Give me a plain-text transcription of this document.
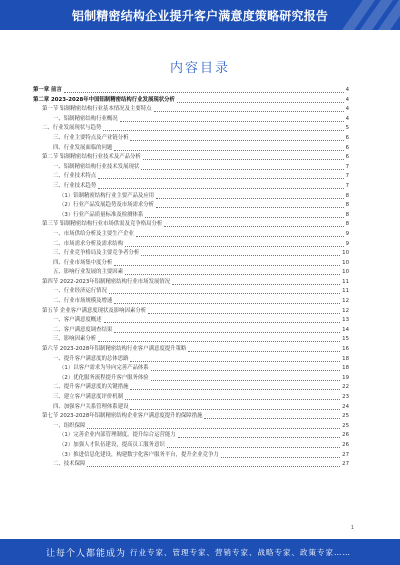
铝制精密结构企业提升客户满意度策略研究报告
内容目录
第一章 前言	4
第二章 2023-2028年中国铝制精密结构行业发展现状分析	4
第一节 铝制精密结构行业基本情况及主要特点	4
一、铝制精密结构行业概况	4
二、行业发展现状与趋势	5
三、行业主要特点及产业链分析	6
四、行业发展面临的问题	6
第二节 铝制精密结构行业技术及产品分析	6
一、铝制精密结构行业技术发展现状	7
二、行业技术特点	7
三、行业技术趋势	7
（1）铝制精密结构行业主要产品及应用	8
（2）行业产品发展趋势及市场需求分析	8
（3）行业产品质量标准及检测体系	8
第三节 铝制精密结构行业市场供需及竞争格局分析	8
一、市场供给分析及主要生产企业	9
二、市场需求分析及需求结构	9
三、行业竞争格局及主要竞争者分析	10
四、行业市场集中度分析	10
五、影响行业发展的主要因素	10
第四节 2022-2023年铝制精密结构行业市场发展情况	11
一、行业经济运行情况	11
二、行业市场规模及增速	12
第五节 企业客户满意度现状及影响因素分析	12
一、客户满意度概述	13
二、客户满意度调查结果	14
三、影响因素分析	15
第六节 2023-2028年铝制精密结构行业客户满意度提升策略	16
一、提升客户满意度的总体思路	18
（1）以客户需求为导向完善产品体系	18
（2）优化服务流程提升客户服务体验	19
二、提升客户满意度的关键措施	22
三、建立客户满意度评价机制	23
四、加强客户关系管理体系建设	24
第七节 2023-2028年铝制精密结构企业客户满意度提升的保障措施	25
一、组织保障	25
（1）完善企业内部管理制度，提升综合运营能力	26
（2）加强人才队伍建设，提高员工服务意识	26
（3）推进信息化建设，构建数字化客户服务平台，提升企业竞争力	27
二、技术保障	27
1
让每个人都能成为 行业专家、管理专家、营销专家、战略专家、政策专家……
